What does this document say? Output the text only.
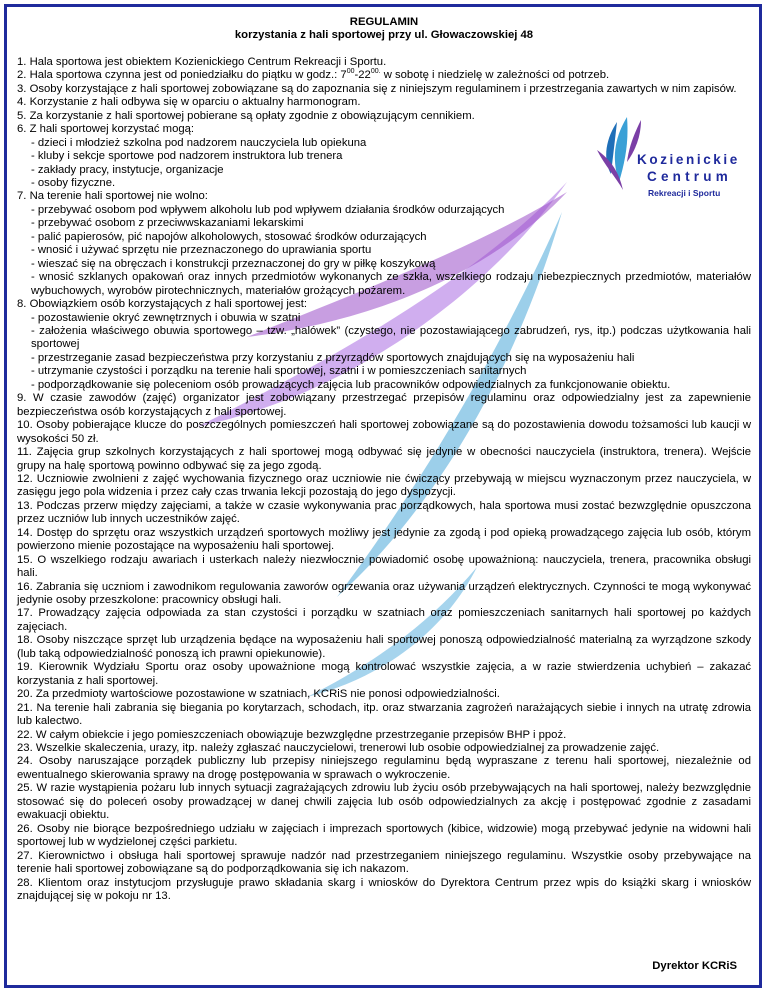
Kozienickie
Centrum
Rekreacji i Sportu
REGULAMIN
korzystania z hali sportowej przy ul. Głowaczowskiej 48
1. Hala sportowa jest obiektem Kozienickiego Centrum Rekreacji i Sportu.
2. Hala sportowa czynna jest od poniedziałku do piątku w godz.: $7^{00}-22^{00.}$ w sobotę i niedzielę w zależności od potrzeb.
3. Osoby korzystające z hali sportowej zobowiązane są do zapoznania się z niniejszym regulaminem i przestrzegania zawartych w nim zapisów.
4. Korzystanie z hali odbywa się w oparciu o aktualny harmonogram.
5. Za korzystanie z hali sportowej pobierane są opłaty zgodnie z obowiązującym cennikiem.
6. Z hali sportowej korzystać mogą:
- dzieci i młodzież szkolna pod nadzorem nauczyciela lub opiekuna
- kluby i sekcje sportowe pod nadzorem instruktora lub trenera
- zakłady pracy, instytucje, organizacje
- osoby fizyczne.
7. Na terenie hali sportowej nie wolno:
- przebywać osobom pod wpływem alkoholu lub pod wpływem działania środków odurzających
- przebywać osobom z przeciwwskazaniami lekarskimi
- palić papierosów, pić napojów alkoholowych, stosować środków odurzających
- wnosić i używać sprzętu nie przeznaczonego do uprawiania sportu
- wieszać się na obręczach i konstrukcji przeznaczonej do gry w piłkę koszykową
- wnosić szklanych opakowań oraz innych przedmiotów wykonanych ze szkła, wszelkiego rodzaju niebezpiecznych przedmiotów, materiałów wybuchowych, wyrobów pirotechnicznych, materiałów grożących pożarem.
8. Obowiązkiem osób korzystających z hali sportowej jest:
- pozostawienie okryć zewnętrznych i obuwia w szatni
- założenia właściwego obuwia sportowego – tzw. „halówek” (czystego, nie pozostawiającego zabrudzeń, rys, itp.) podczas użytkowania hali sportowej
- przestrzeganie zasad bezpieczeństwa przy korzystaniu z przyrządów sportowych znajdujących się na wyposażeniu hali
- utrzymanie czystości i porządku na terenie hali sportowej, szatni i w pomieszczeniach sanitarnych
- podporządkowanie się poleceniom osób prowadzących zajęcia lub pracowników odpowiedzialnych za funkcjonowanie obiektu.
9. W czasie zawodów (zajęć) organizator jest zobowiązany przestrzegać przepisów regulaminu oraz odpowiedzialny jest za zapewnienie bezpieczeństwa osób korzystających z hali sportowej.
10. Osoby pobierające klucze do poszczególnych pomieszczeń hali sportowej zobowiązane są do pozostawienia dowodu tożsamości lub kaucji w wysokości 50 zł.
11. Zajęcia grup szkolnych korzystających z hali sportowej mogą odbywać się jedynie w obecności nauczyciela (instruktora, trenera). Wejście grupy na halę sportową powinno odbywać się za jego zgodą.
12. Uczniowie zwolnieni z zajęć wychowania fizycznego oraz uczniowie nie ćwiczący przebywają w miejscu wyznaczonym przez nauczyciela, w zasięgu jego pola widzenia i przez cały czas trwania lekcji pozostają do jego dyspozycji.
13. Podczas przerw między zajęciami, a także w czasie wykonywania prac porządkowych, hala sportowa musi zostać bezwzględnie opuszczona przez uczniów lub innych uczestników zajęć.
14. Dostęp do sprzętu oraz wszystkich urządzeń sportowych możliwy jest jedynie za zgodą i pod opieką prowadzącego zajęcia lub osób, którym powierzono mienie pozostające na wyposażeniu hali sportowej.
15. O wszelkiego rodzaju awariach i usterkach należy niezwłocznie powiadomić osobę upoważnioną: nauczyciela, trenera, pracownika obsługi hali.
16. Zabrania się uczniom i zawodnikom regulowania zaworów ogrzewania oraz używania urządzeń elektrycznych. Czynności te mogą wykonywać jedynie osoby przeszkolone: pracownicy obsługi hali.
17. Prowadzący zajęcia odpowiada za stan czystości i porządku w szatniach oraz pomieszczeniach sanitarnych hali sportowej po każdych zajęciach.
18. Osoby niszczące sprzęt lub urządzenia będące na wyposażeniu hali sportowej ponoszą odpowiedzialność materialną za wyrządzone szkody (lub taką odpowiedzialność ponoszą ich prawni opiekunowie).
19. Kierownik Wydziału Sportu oraz osoby upoważnione mogą kontrolować wszystkie zajęcia, a w razie stwierdzenia uchybień – zakazać korzystania z hali sportowej.
20. Za przedmioty wartościowe pozostawione w szatniach, KCRiS nie ponosi odpowiedzialności.
21. Na terenie hali zabrania się biegania po korytarzach, schodach, itp. oraz stwarzania zagrożeń narażających siebie i innych na utratę zdrowia lub kalectwo.
22. W całym obiekcie i jego pomieszczeniach obowiązuje bezwzględne przestrzeganie przepisów BHP i ppoż.
23. Wszelkie skaleczenia, urazy, itp. należy zgłaszać nauczycielowi, trenerowi lub osobie odpowiedzialnej za prowadzenie zajęć.
24. Osoby naruszające porządek publiczny lub przepisy niniejszego regulaminu będą wypraszane z terenu hali sportowej, niezależnie od ewentualnego skierowania sprawy na drogę postępowania w sprawach o wykroczenie.
25. W razie wystąpienia pożaru lub innych sytuacji zagrażających zdrowiu lub życiu osób przebywających na hali sportowej, należy bezwzględnie stosować się do poleceń osoby prowadzącej w danej chwili zajęcia lub osób odpowiedzialnych za akcję i postępować zgodnie z zasadami ewakuacji obiektu.
26. Osoby nie biorące bezpośredniego udziału w zajęciach i imprezach sportowych (kibice, widzowie) mogą przebywać jedynie na widowni hali sportowej lub w wydzielonej części parkietu.
27. Kierownictwo i obsługa hali sportowej sprawuje nadzór nad przestrzeganiem niniejszego regulaminu. Wszystkie osoby przebywające na terenie hali sportowej zobowiązane są do podporządkowania się ich nakazom.
28. Klientom oraz instytucjom przysługuje prawo składania skarg i wniosków do Dyrektora Centrum przez wpis do książki skarg i wniosków znajdującej się w pokoju nr 13.
Dyrektor KCRiS
